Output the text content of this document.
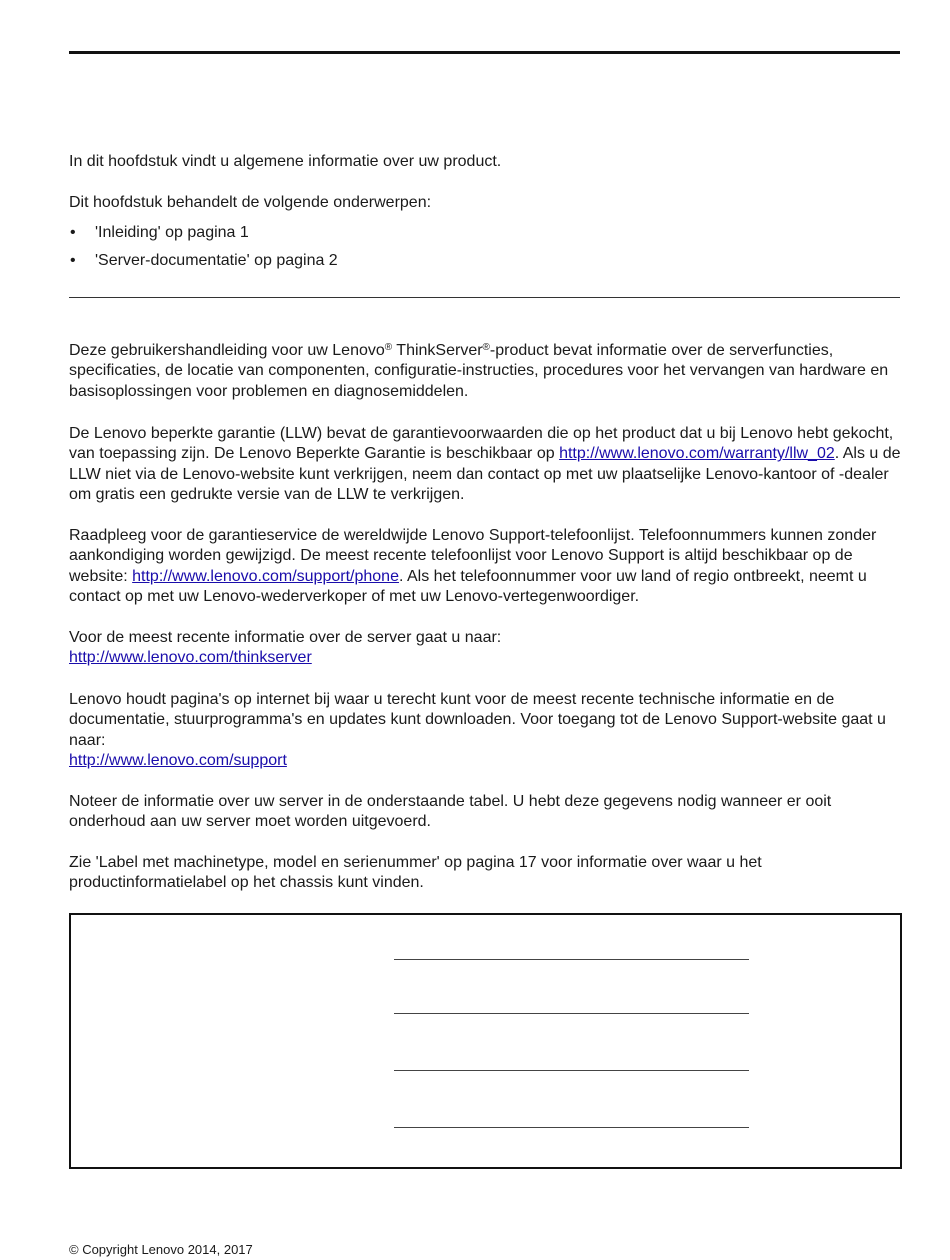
In dit hoofdstuk vindt u algemene informatie over uw product.

Dit hoofdstuk behandelt de volgende onderwerpen:

• 'Inleiding' op pagina 1
• 'Server-documentatie' op pagina 2

Deze gebruikershandleiding voor uw Lenovo® ThinkServer®-product bevat informatie over de serverfuncties, specificaties, de locatie van componenten, configuratie-instructies, procedures voor het vervangen van hardware en basisoplossingen voor problemen en diagnosemiddelen.

De Lenovo beperkte garantie (LLW) bevat de garantievoorwaarden die op het product dat u bij Lenovo hebt gekocht, van toepassing zijn. De Lenovo Beperkte Garantie is beschikbaar op http://www.lenovo.com/warranty/llw_02. Als u de LLW niet via de Lenovo-website kunt verkrijgen, neem dan contact op met uw plaatselijke Lenovo-kantoor of -dealer om gratis een gedrukte versie van de LLW te verkrijgen.

Raadpleeg voor de garantieservice de wereldwijde Lenovo Support-telefoonlijst. Telefoonnummers kunnen zonder aankondiging worden gewijzigd. De meest recente telefoonlijst voor Lenovo Support is altijd beschikbaar op de website: http://www.lenovo.com/support/phone. Als het telefoonnummer voor uw land of regio ontbreekt, neemt u contact op met uw Lenovo-wederverkoper of met uw Lenovo-vertegenwoordiger.

Voor de meest recente informatie over de server gaat u naar:
http://www.lenovo.com/thinkserver

Lenovo houdt pagina's op internet bij waar u terecht kunt voor de meest recente technische informatie en de documentatie, stuurprogramma's en updates kunt downloaden. Voor toegang tot de Lenovo Support-website gaat u naar:
http://www.lenovo.com/support

Noteer de informatie over uw server in de onderstaande tabel. U hebt deze gegevens nodig wanneer er ooit onderhoud aan uw server moet worden uitgevoerd.

Zie 'Label met machinetype, model en serienummer' op pagina 17 voor informatie over waar u het productinformatielabel op het chassis kunt vinden.

© Copyright Lenovo 2014, 2017
